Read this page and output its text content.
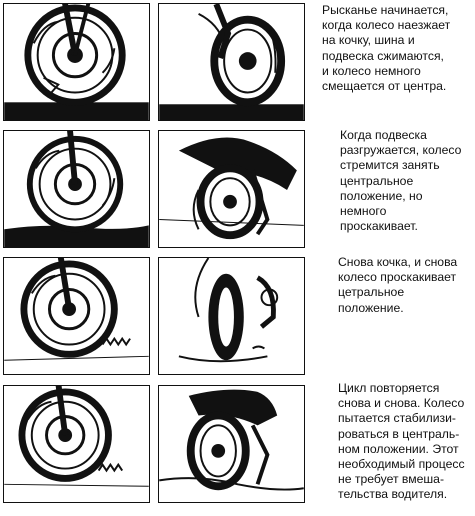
Рысканье начинается,
когда колесо наезжает
на кочку, шина и
подвеска сжимаются,
и колесо немного
смещается от центра.
Когда подвеска
разгружается, колесо
стремится занять
центральное
положение, но
немного
проскакивает.
Снова кочка, и снова
колесо проскакивает
цетральное
положение.
Цикл повторяется
снова и снова. Колесо
пытается стабилизи-
роваться в централь-
ном положении. Этот
необходимый процесс
не требует вмеша-
тельства водителя.
